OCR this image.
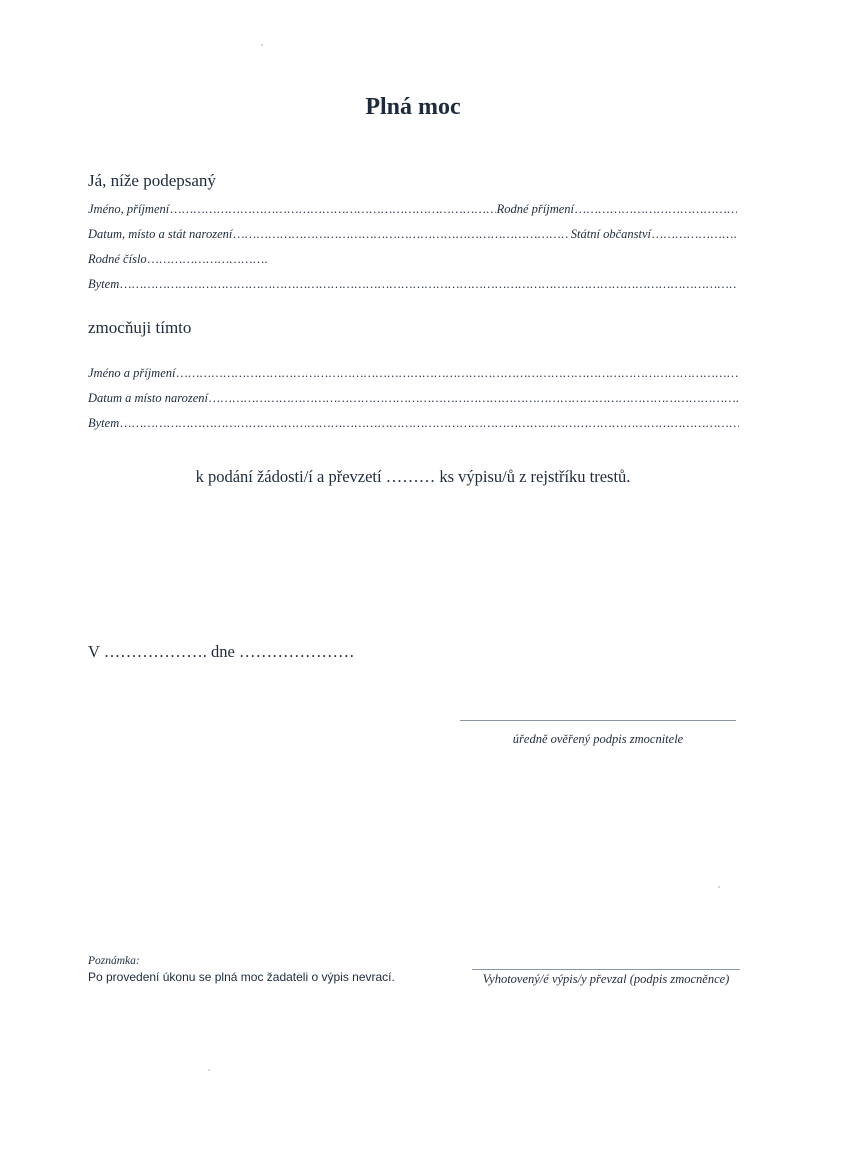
Plná moc
Já, níže podepsaný
Jméno, příjmení ………………………………………………………………………………………………………………………………………………………………………………………………	Rodné příjmení
………………………………………………………………………………………………………………………………………………………………………………………………
Datum, místo a stát narození ………………………………………………………………………………………………………………………………………………………………………………………………	Státní občanství
………………………………………………………………………………………………………………………………………………………………………………………………
Rodné číslo
………………………………………………………………………………………………………………………………………………………………………………………………
Bytem
………………………………………………………………………………………………………………………………………………………………………………………………
zmocňuji tímto
Jméno a příjmení
………………………………………………………………………………………………………………………………………………………………………………………………
Datum a místo narození
………………………………………………………………………………………………………………………………………………………………………………………………
Bytem
………………………………………………………………………………………………………………………………………………………………………………………………
k podání žádosti/í a převzetí ……… ks výpisu/ů z rejstříku trestů.
V ………………. dne …………………
úředně ověřený podpis zmocnitele
Poznámka:
Po provedení úkonu se plná moc žadateli o výpis nevrací.	Vyhotovený/é výpis/y převzal (podpis zmocněnce)
